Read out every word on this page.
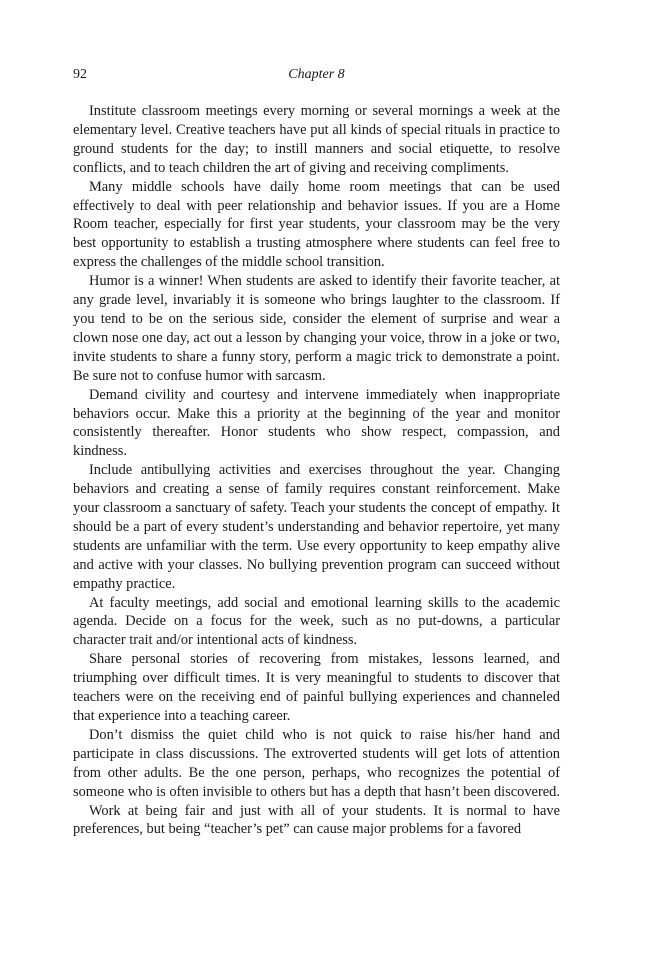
92	Chapter 8

Institute classroom meetings every morning or several mornings a week at the elementary level. Creative teachers have put all kinds of special rituals in practice to ground students for the day; to instill manners and social etiquette, to resolve conflicts, and to teach children the art of giving and receiving compliments.

Many middle schools have daily home room meetings that can be used effectively to deal with peer relationship and behavior issues. If you are a Home Room teacher, especially for first year students, your classroom may be the very best opportunity to establish a trusting atmosphere where students can feel free to express the challenges of the middle school transition.

Humor is a winner! When students are asked to identify their favorite teacher, at any grade level, invariably it is someone who brings laughter to the classroom. If you tend to be on the serious side, consider the element of surprise and wear a clown nose one day, act out a lesson by changing your voice, throw in a joke or two, invite students to share a funny story, perform a magic trick to demonstrate a point. Be sure not to confuse humor with sarcasm.

Demand civility and courtesy and intervene immediately when inappropriate behaviors occur. Make this a priority at the beginning of the year and monitor consistently thereafter. Honor students who show respect, compassion, and kindness.

Include antibullying activities and exercises throughout the year. Changing behaviors and creating a sense of family requires constant reinforcement. Make your classroom a sanctuary of safety. Teach your students the concept of empathy. It should be a part of every student’s understanding and behavior repertoire, yet many students are unfamiliar with the term. Use every opportunity to keep empathy alive and active with your classes. No bullying prevention program can succeed without empathy practice.

At faculty meetings, add social and emotional learning skills to the academic agenda. Decide on a focus for the week, such as no put-downs, a particular character trait and/or intentional acts of kindness.

Share personal stories of recovering from mistakes, lessons learned, and triumphing over difficult times. It is very meaningful to students to discover that teachers were on the receiving end of painful bullying experiences and channeled that experience into a teaching career.

Don’t dismiss the quiet child who is not quick to raise his/her hand and participate in class discussions. The extroverted students will get lots of attention from other adults. Be the one person, perhaps, who recognizes the potential of someone who is often invisible to others but has a depth that hasn’t been discovered.

Work at being fair and just with all of your students. It is normal to have preferences, but being “teacher’s pet” can cause major problems for a favored
